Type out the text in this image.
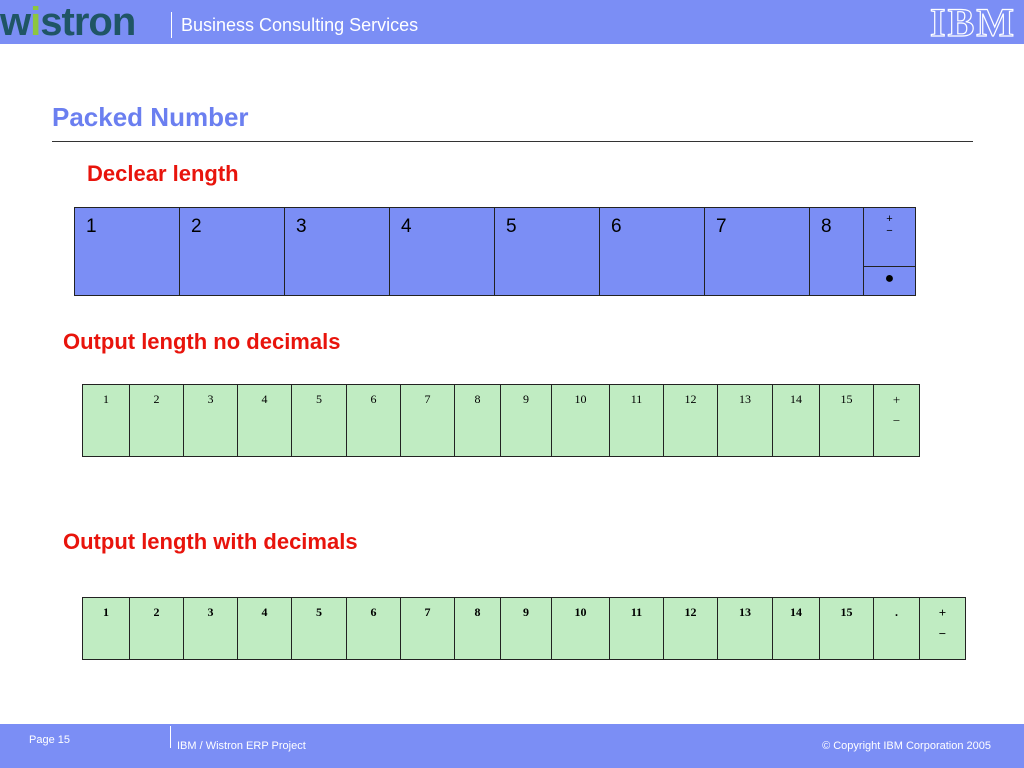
wistron	Business Consulting Services	IBM
Packed Number
Declear length
1	2	3	4	5	6	7	8	+
−
●
Output length no decimals
1	2	3	4	5	6	7	8	9	10	11	12	13	14	15	+
−
Output length with decimals
1	2	3	4	5	6	7	8	9	10	11	12	13	14	15	.	+
−
Page 15	IBM / Wistron ERP Project	© Copyright IBM Corporation 2005
